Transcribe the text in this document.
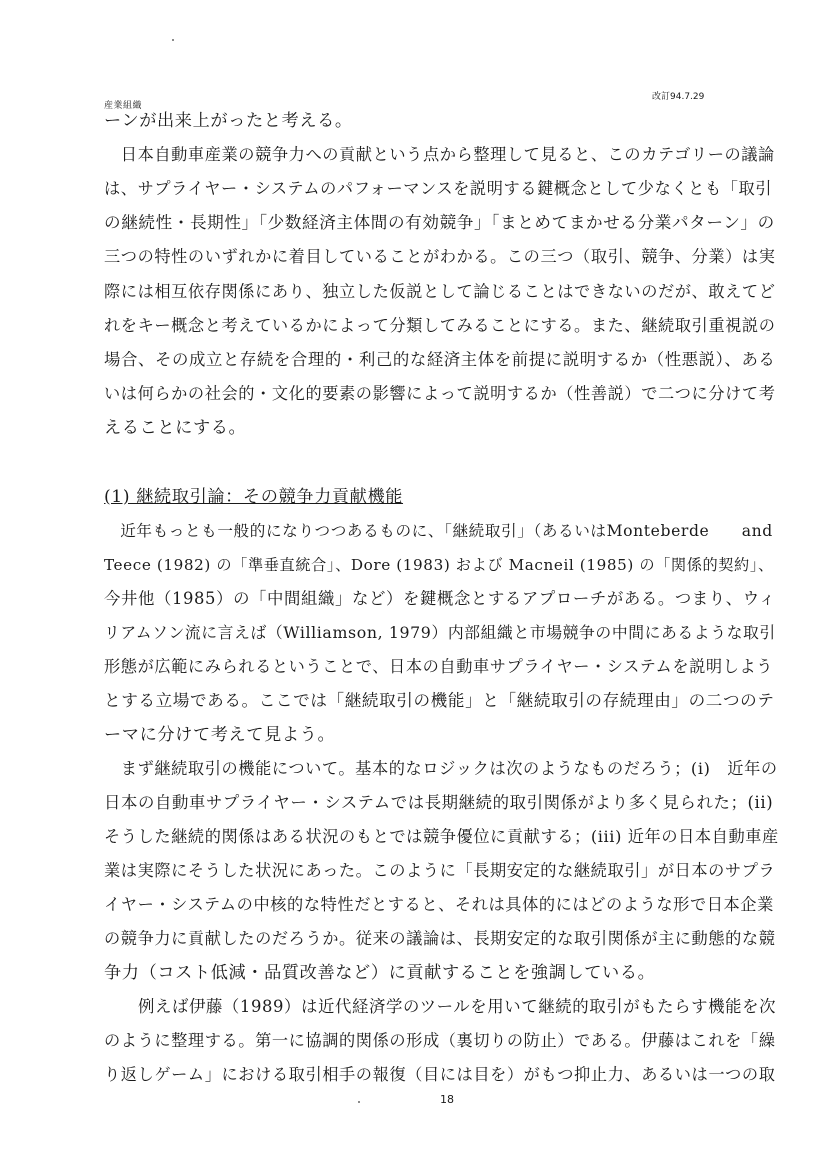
産業組織
改訂94.7.29
ーンが出来上がったと考える。
　日本自動車産業の競争力への貢献という点から整理して見ると、このカテゴリーの議論
は、サプライヤー・システムのパフォーマンスを説明する鍵概念として少なくとも「取引
の継続性・長期性」「少数経済主体間の有効競争」「まとめてまかせる分業パターン」の
三つの特性のいずれかに着目していることがわかる。この三つ（取引、競争、分業）は実
際には相互依存関係にあり、独立した仮説として論じることはできないのだが、敢えてど
れをキー概念と考えているかによって分類してみることにする。また、継続取引重視説の
場合、その成立と存続を合理的・利己的な経済主体を前提に説明するか（性悪説）、ある
いは何らかの社会的・文化的要素の影響によって説明するか（性善説）で二つに分けて考
えることにする。
(1) 継続取引論：その競争力貢献機能
　近年もっとも一般的になりつつあるものに、「継続取引」（あるいはMonteberde　　and
Teece (1982) の「準垂直統合」、Dore (1983) および Macneil (1985) の「関係的契約」、
今井他（1985）の「中間組織」など）を鍵概念とするアプローチがある。つまり、ウィ
リアムソン流に言えば（Williamson, 1979）内部組織と市場競争の中間にあるような取引
形態が広範にみられるということで、日本の自動車サプライヤー・システムを説明しよう
とする立場である。ここでは「継続取引の機能」と「継続取引の存続理由」の二つのテ
ーマに分けて考えて見よう。
　まず継続取引の機能について。基本的なロジックは次のようなものだろう；(i)　近年の
日本の自動車サプライヤー・システムでは長期継続的取引関係がより多く見られた；(ii)
そうした継続的関係はある状況のもとでは競争優位に貢献する；(iii) 近年の日本自動車産
業は実際にそうした状況にあった。このように「長期安定的な継続取引」が日本のサプラ
イヤー・システムの中核的な特性だとすると、それは具体的にはどのような形で日本企業
の競争力に貢献したのだろうか。従来の議論は、長期安定的な取引関係が主に動態的な競
争力（コスト低減・品質改善など）に貢献することを強調している。
　　例えば伊藤（1989）は近代経済学のツールを用いて継続的取引がもたらす機能を次
のように整理する。第一に協調的関係の形成（裏切りの防止）である。伊藤はこれを「繰
り返しゲーム」における取引相手の報復（目には目を）がもつ抑止力、あるいは一つの取
18
